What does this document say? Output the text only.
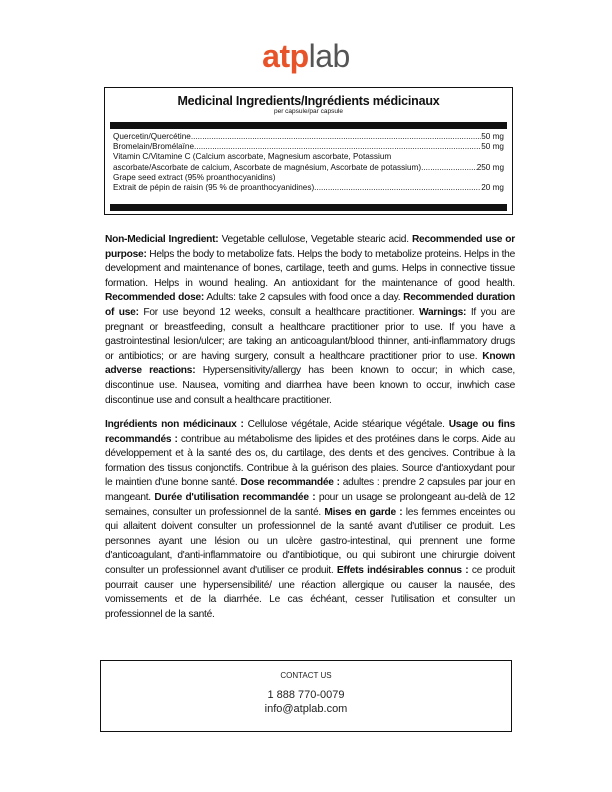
atplab
Medicinal Ingredients/Ingrédients médicinaux
per capsule/par capsule
Quercetin/Quercétine .....	50 mg
Bromelain/Bromélaïne .....	50 mg
Vitamin C/Vitamine C (Calcium ascorbate, Magnesium ascorbate, Potassium
ascorbate/Ascorbate de calcium, Ascorbate de magnésium, Ascorbate de potassium) .....	250 mg
Grape seed extract (95% proanthocyanidins)
Extrait de pépin de raisin (95 % de proanthocyanidines) .....	20 mg
Non-Medicial Ingredient: Vegetable cellulose, Vegetable stearic acid. Recommended use or purpose: Helps the body to metabolize fats. Helps the body to metabolize proteins. Helps in the development and maintenance of bones, cartilage, teeth and gums. Helps in connective tissue formation. Helps in wound healing. An antioxidant for the maintenance of good health. Recommended dose: Adults: take 2 capsules with food once a day. Recommended duration of use: For use beyond 12 weeks, consult a healthcare practitioner. Warnings: If you are pregnant or breastfeeding, consult a healthcare practitioner prior to use. If you have a gastrointestinal lesion/ulcer; are taking an anticoagulant/blood thinner, anti-inflammatory drugs or antibiotics; or are having surgery, consult a healthcare practitioner prior to use. Known adverse reactions: Hypersensitivity/allergy has been known to occur; in which case, discontinue use. Nausea, vomiting and diarrhea have been known to occur, inwhich case discontinue use and consult a healthcare practitioner.
Ingrédients non médicinaux : Cellulose végétale, Acide stéarique végétale. Usage ou fins recommandés : contribue au métabolisme des lipides et des protéines dans le corps. Aide au développement et à la santé des os, du cartilage, des dents et des gencives. Contribue à la formation des tissus conjonctifs. Contribue à la guérison des plaies. Source d'antioxydant pour le maintien d'une bonne santé. Dose recommandée : adultes : prendre 2 capsules par jour en mangeant. Durée d'utilisation recommandée : pour un usage se prolongeant au-delà de 12 semaines, consulter un professionnel de la santé. Mises en garde : les femmes enceintes ou qui allaitent doivent consulter un professionnel de la santé avant d'utiliser ce produit. Les personnes ayant une lésion ou un ulcère gastro-intestinal, qui prennent une forme d'anticoagulant, d'anti-inflammatoire ou d'antibiotique, ou qui subiront une chirurgie doivent consulter un professionnel avant d'utiliser ce produit. Effets indésirables connus : ce produit pourrait causer une hypersensibilité/ une réaction allergique ou causer la nausée, des vomissements et de la diarrhée. Le cas échéant, cesser l'utilisation et consulter un professionnel de la santé.
CONTACT US
1 888 770-0079
info@atplab.com
